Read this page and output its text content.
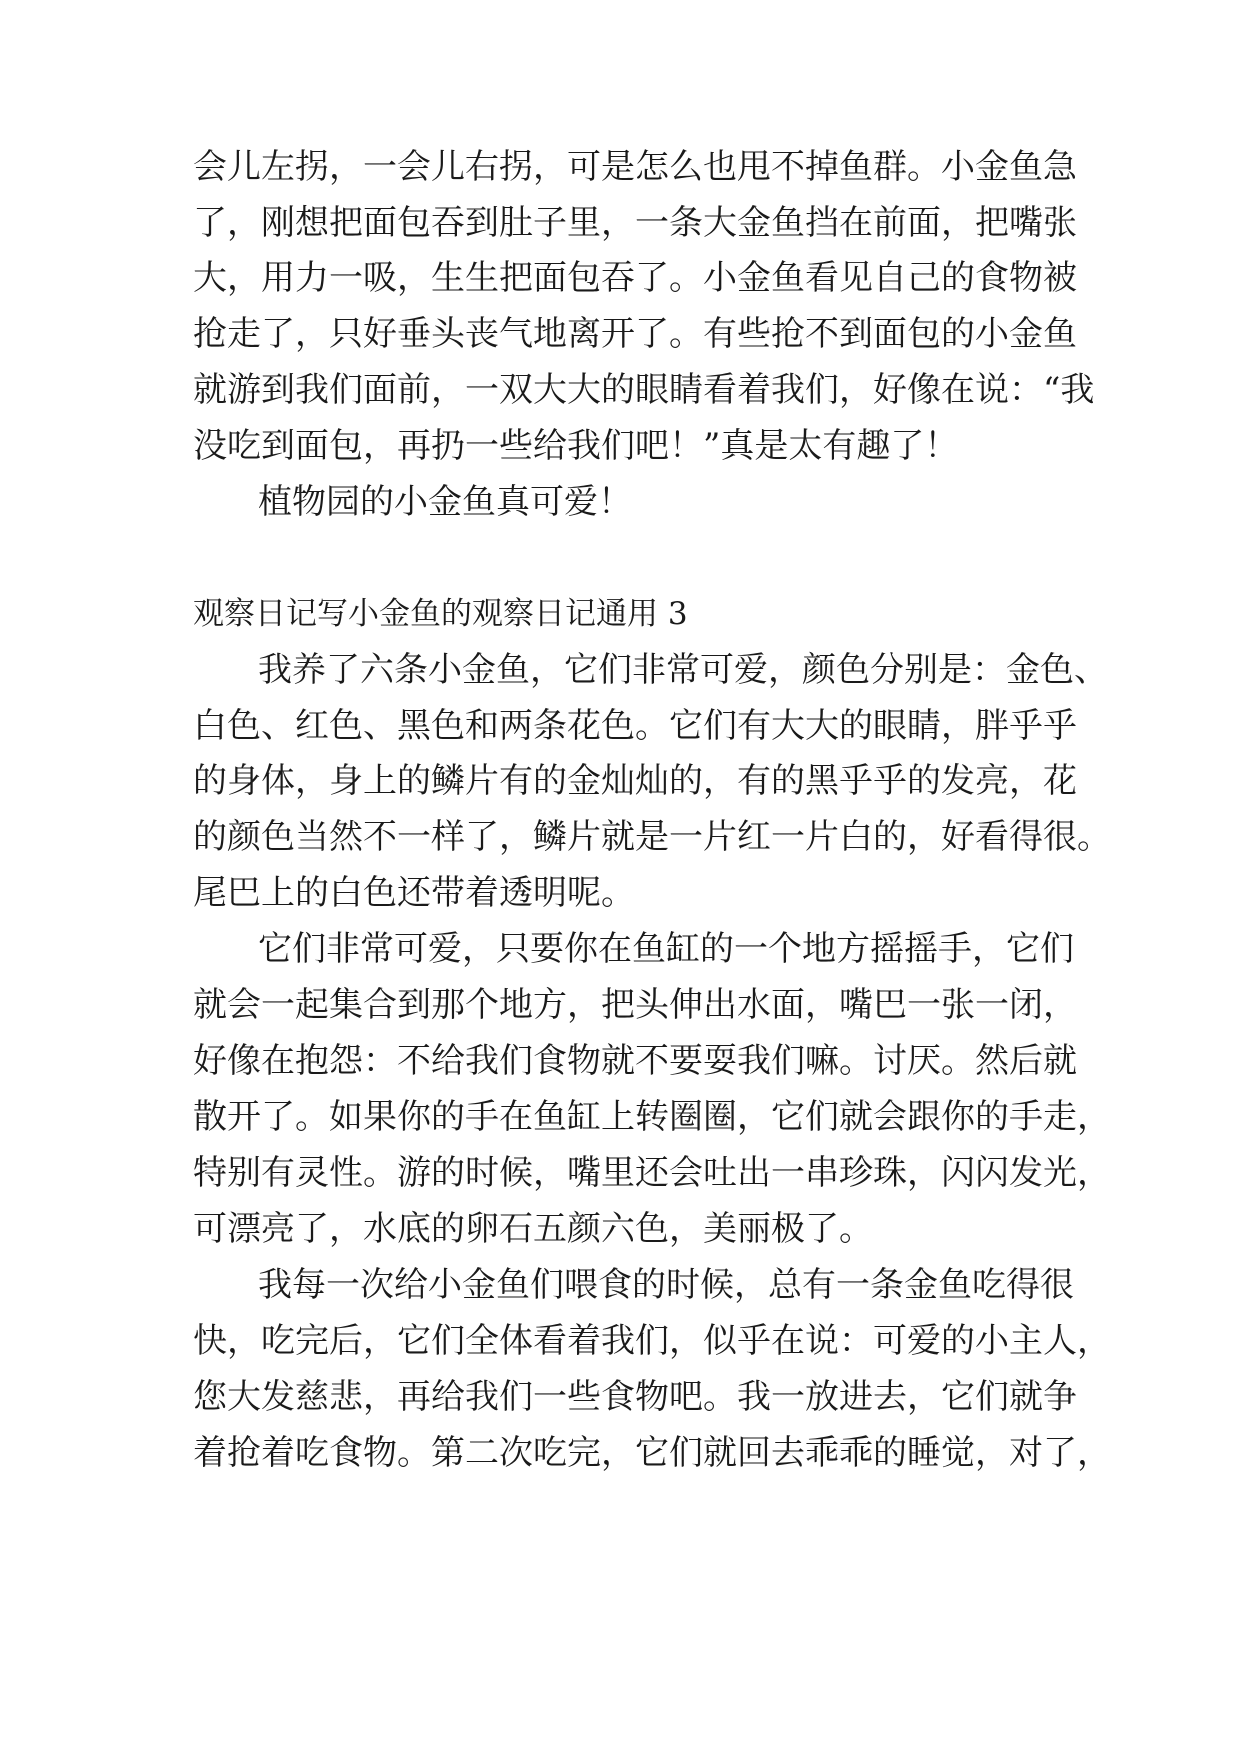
会儿左拐，一会儿右拐，可是怎么也甩不掉鱼群。小金鱼急
了，刚想把面包吞到肚子里，一条大金鱼挡在前面，把嘴张
大，用力一吸，生生把面包吞了。小金鱼看见自己的食物被
抢走了，只好垂头丧气地离开了。有些抢不到面包的小金鱼
就游到我们面前，一双大大的眼睛看着我们，好像在说：“我
没吃到面包，再扔一些给我们吧！”真是太有趣了！
植物园的小金鱼真可爱！
观察日记写小金鱼的观察日记通用 3
我养了六条小金鱼，它们非常可爱，颜色分别是：金色、
白色、红色、黑色和两条花色。它们有大大的眼睛，胖乎乎
的身体，身上的鳞片有的金灿灿的，有的黑乎乎的发亮，花
的颜色当然不一样了，鳞片就是一片红一片白的，好看得很。
尾巴上的白色还带着透明呢。
它们非常可爱，只要你在鱼缸的一个地方摇摇手，它们
就会一起集合到那个地方，把头伸出水面，嘴巴一张一闭，
好像在抱怨：不给我们食物就不要耍我们嘛。讨厌。然后就
散开了。如果你的手在鱼缸上转圈圈，它们就会跟你的手走，
特别有灵性。游的时候，嘴里还会吐出一串珍珠，闪闪发光，
可漂亮了，水底的卵石五颜六色，美丽极了。
我每一次给小金鱼们喂食的时候，总有一条金鱼吃得很
快，吃完后，它们全体看着我们，似乎在说：可爱的小主人，
您大发慈悲，再给我们一些食物吧。我一放进去，它们就争
着抢着吃食物。第二次吃完，它们就回去乖乖的睡觉，对了，
